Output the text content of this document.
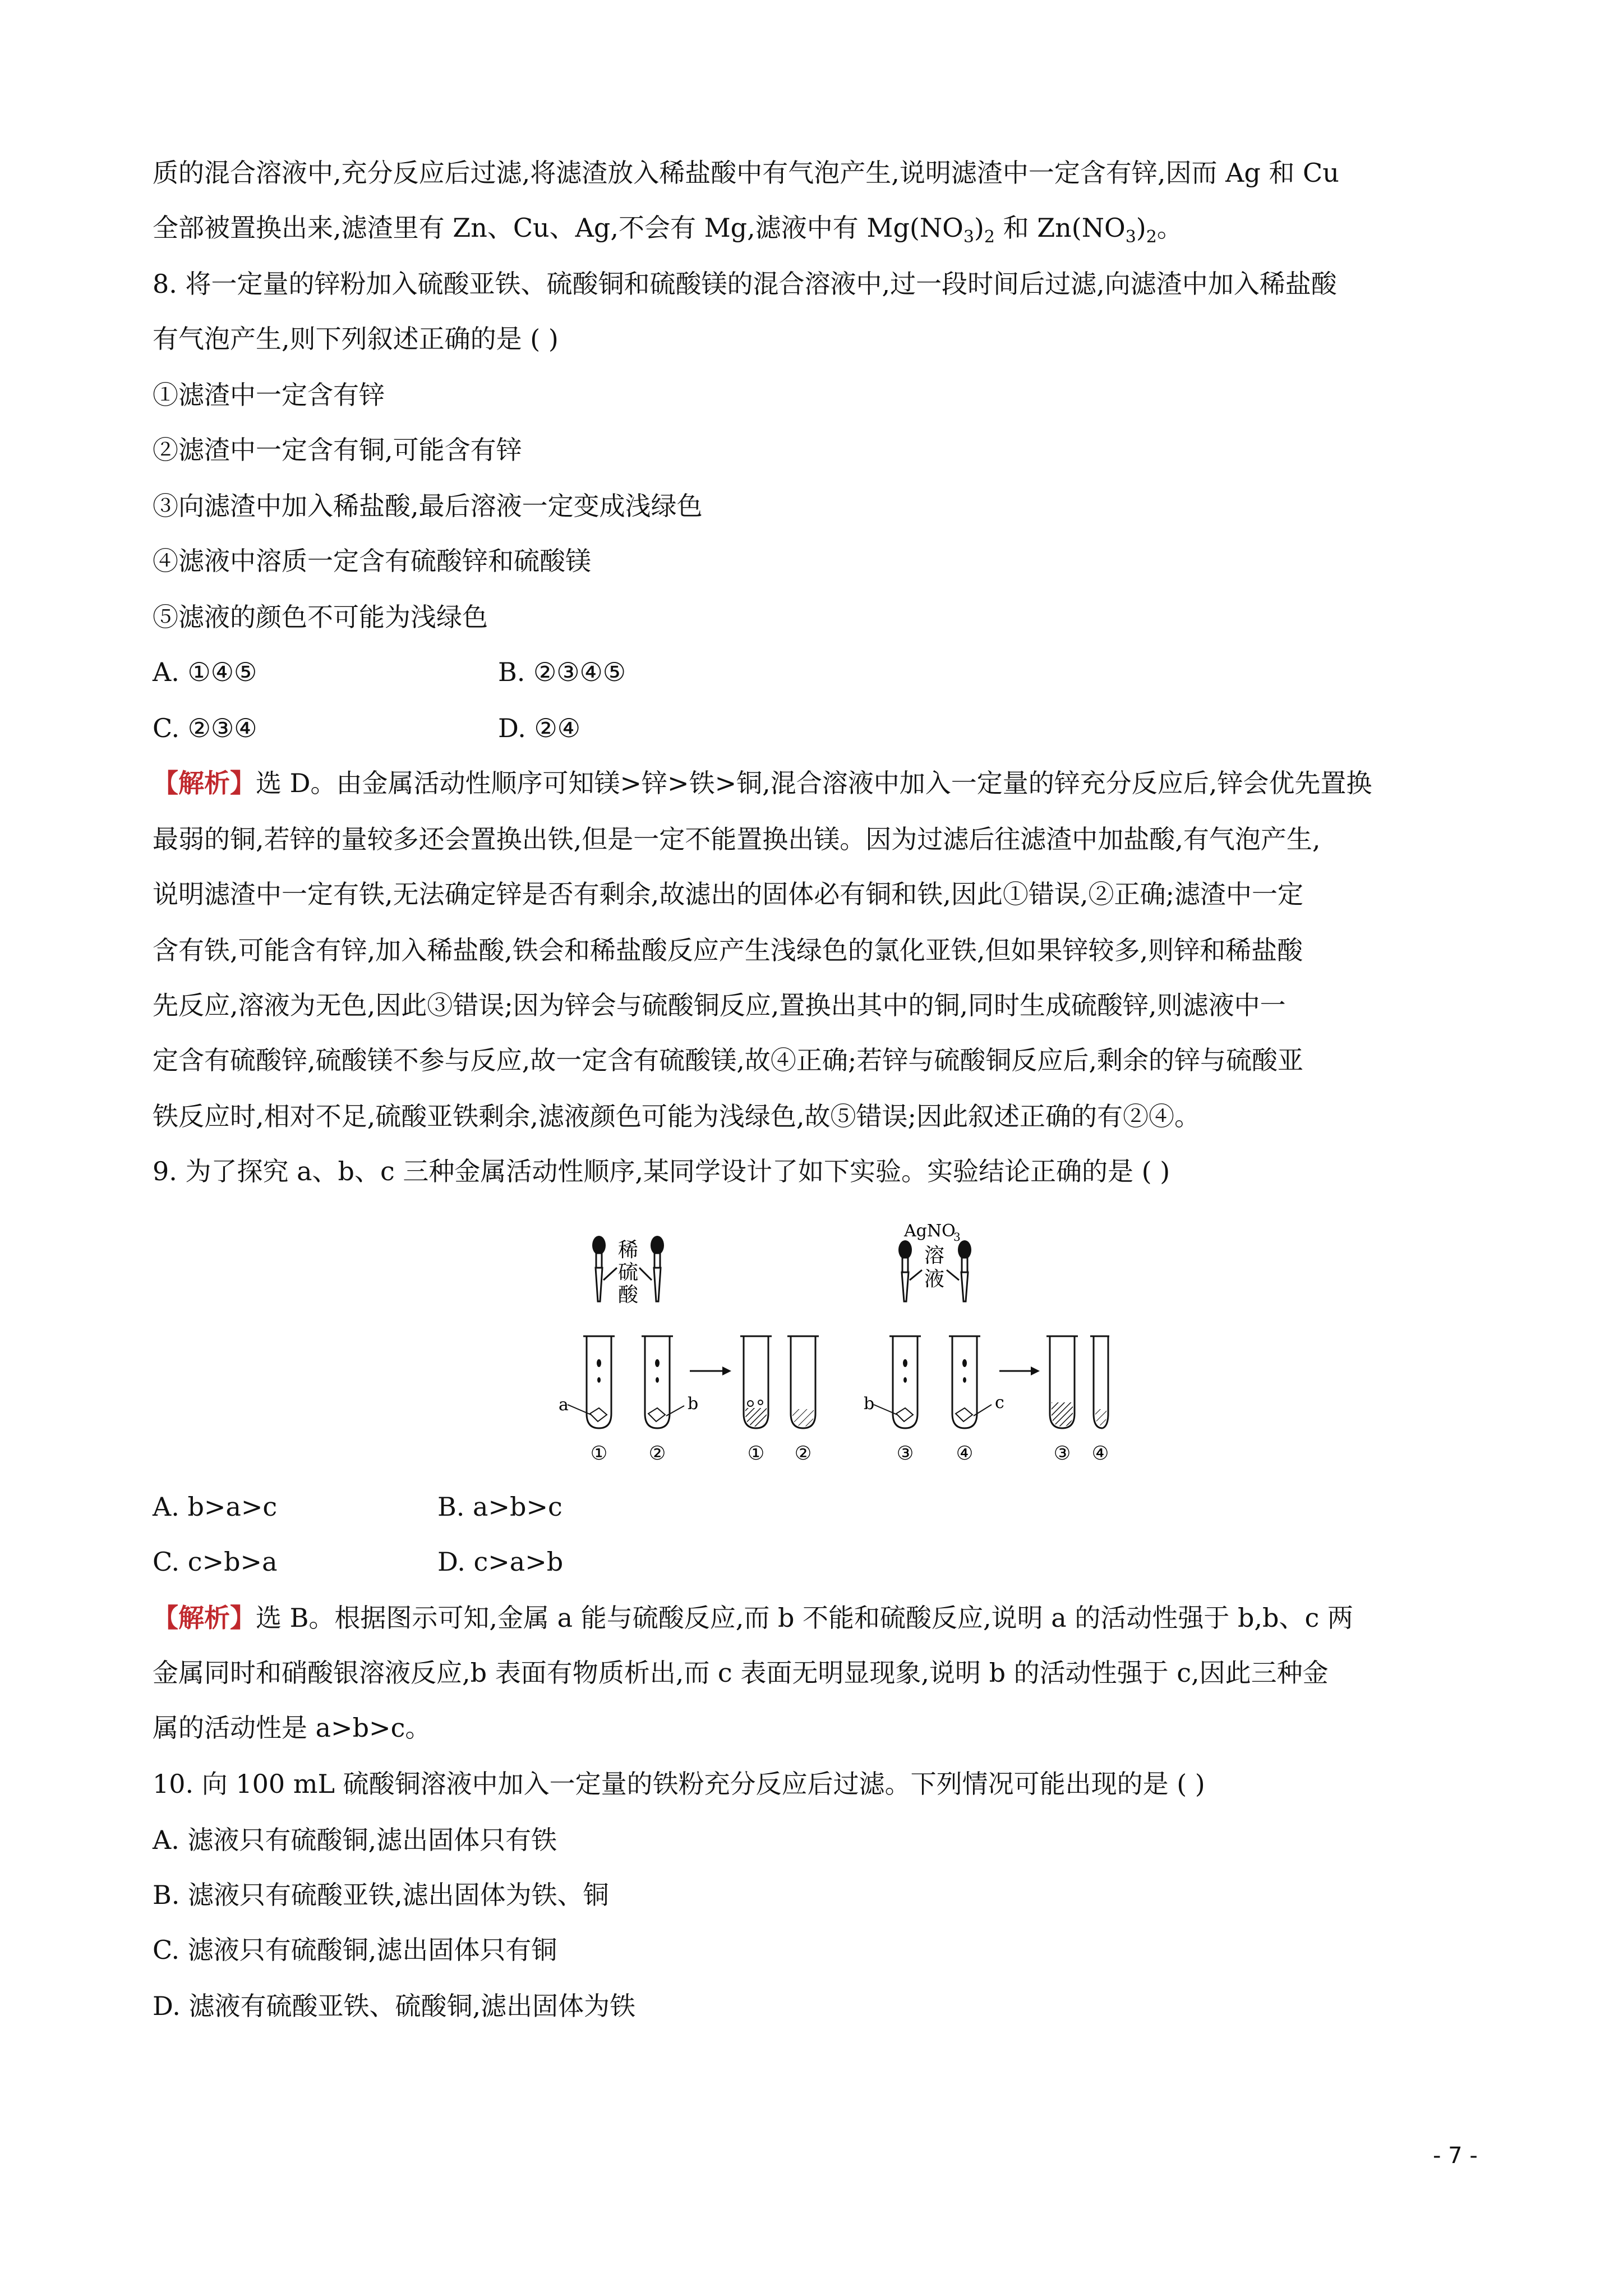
质的混合溶液中,充分反应后过滤,将滤渣放入稀盐酸中有气泡产生,说明滤渣中一定含有锌,因而 Ag 和 Cu
全部被置换出来,滤渣里有 Zn、Cu、Ag,不会有 Mg,滤液中有 $Mg(NO_3)_2$ 和 $Zn(NO_3)_2$。
8. 将一定量的锌粉加入硫酸亚铁、硫酸铜和硫酸镁的混合溶液中,过一段时间后过滤,向滤渣中加入稀盐酸
有气泡产生,则下列叙述正确的是 ( )
①滤渣中一定含有锌
②滤渣中一定含有铜,可能含有锌
③向滤渣中加入稀盐酸,最后溶液一定变成浅绿色
④滤液中溶质一定含有硫酸锌和硫酸镁
⑤滤液的颜色不可能为浅绿色
A. ①④⑤	B. ②③④⑤
C. ②③④	D. ②④
【解析】选 D。由金属活动性顺序可知镁>锌>铁>铜,混合溶液中加入一定量的锌充分反应后,锌会优先置换
最弱的铜,若锌的量较多还会置换出铁,但是一定不能置换出镁。因为过滤后往滤渣中加盐酸,有气泡产生,
说明滤渣中一定有铁,无法确定锌是否有剩余,故滤出的固体必有铜和铁,因此①错误,②正确;滤渣中一定
含有铁,可能含有锌,加入稀盐酸,铁会和稀盐酸反应产生浅绿色的氯化亚铁,但如果锌较多,则锌和稀盐酸
先反应,溶液为无色,因此③错误;因为锌会与硫酸铜反应,置换出其中的铜,同时生成硫酸锌,则滤液中一
定含有硫酸锌,硫酸镁不参与反应,故一定含有硫酸镁,故④正确;若锌与硫酸铜反应后,剩余的锌与硫酸亚
铁反应时,相对不足,硫酸亚铁剩余,滤液颜色可能为浅绿色,故⑤错误;因此叙述正确的有②④。
9. 为了探究 a、b、c 三种金属活动性顺序,某同学设计了如下实验。实验结论正确的是 ( )
稀
硫
酸
a	b
① ②	① ②
AgNO
3
溶
液
b	c
③ ④	③ ④
A. b>a>c	B. a>b>c
C. c>b>a	D. c>a>b
【解析】选 B。根据图示可知,金属 a 能与硫酸反应,而 b 不能和硫酸反应,说明 a 的活动性强于 b,b、c 两
金属同时和硝酸银溶液反应,b 表面有物质析出,而 c 表面无明显现象,说明 b 的活动性强于 c,因此三种金
属的活动性是 a>b>c。
10. 向 100 mL 硫酸铜溶液中加入一定量的铁粉充分反应后过滤。下列情况可能出现的是 ( )
A. 滤液只有硫酸铜,滤出固体只有铁
B. 滤液只有硫酸亚铁,滤出固体为铁、铜
C. 滤液只有硫酸铜,滤出固体只有铜
D. 滤液有硫酸亚铁、硫酸铜,滤出固体为铁
- 7 -
